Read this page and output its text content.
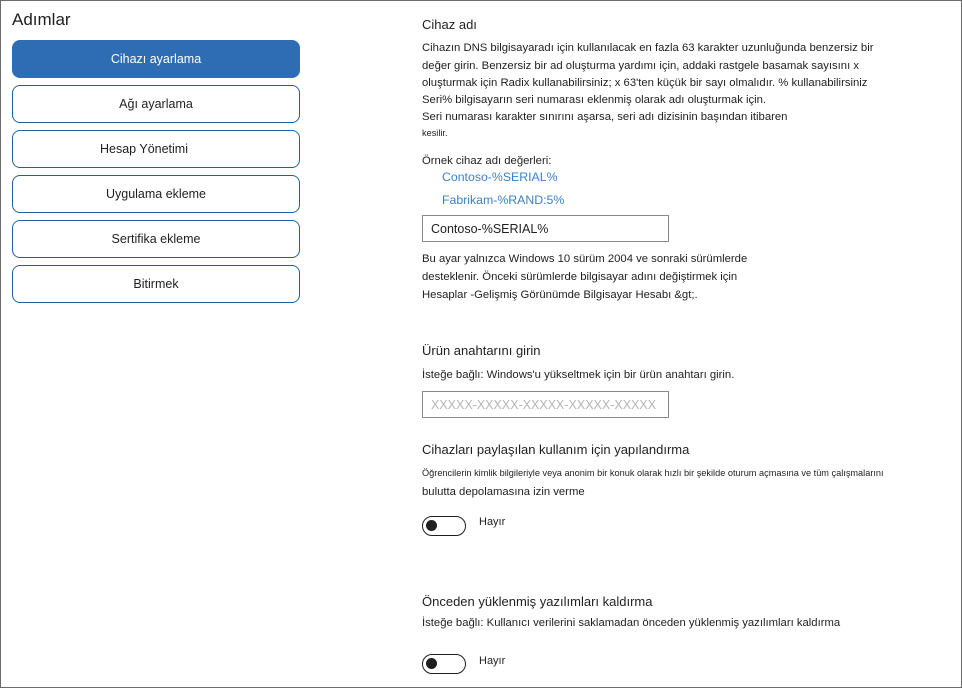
Adımlar
Cihazı ayarlama
Ağı ayarlama
Hesap Yönetimi
Uygulama ekleme
Sertifika ekleme
Bitirmek
Cihaz adı
Cihazın DNS bilgisayaradı için kullanılacak en fazla 63 karakter uzunluğunda benzersiz bir
değer girin. Benzersiz bir ad oluşturma yardımı için, addaki rastgele basamak sayısını x
oluşturmak için Radix kullanabilirsiniz; x 63'ten küçük bir sayı olmalıdır. % kullanabilirsiniz
Seri% bilgisayarın seri numarası eklenmiş olarak adı oluşturmak için.
Seri numarası karakter sınırını aşarsa, seri adı dizisinin başından itibaren
kesilir.
Örnek cihaz adı değerleri:
Contoso-%SERIAL%
Fabrikam-%RAND:5%
Contoso-%SERIAL%
Bu ayar yalnızca Windows 10 sürüm 2004 ve sonraki sürümlerde
desteklenir. Önceki sürümlerde bilgisayar adını değiştirmek için
Hesaplar -Gelişmiş Görünümde Bilgisayar Hesabı &gt;.
Ürün anahtarını girin
İsteğe bağlı: Windows'u yükseltmek için bir ürün anahtarı girin.
XXXXX-XXXXX-XXXXX-XXXXX-XXXXX
Cihazları paylaşılan kullanım için yapılandırma
Öğrencilerin kimlik bilgileriyle veya anonim bir konuk olarak hızlı bir şekilde oturum açmasına ve tüm çalışmalarını
bulutta depolamasına izin verme
Hayır
Önceden yüklenmiş yazılımları kaldırma
İsteğe bağlı: Kullanıcı verilerini saklamadan önceden yüklenmiş yazılımları kaldırma
Hayır
